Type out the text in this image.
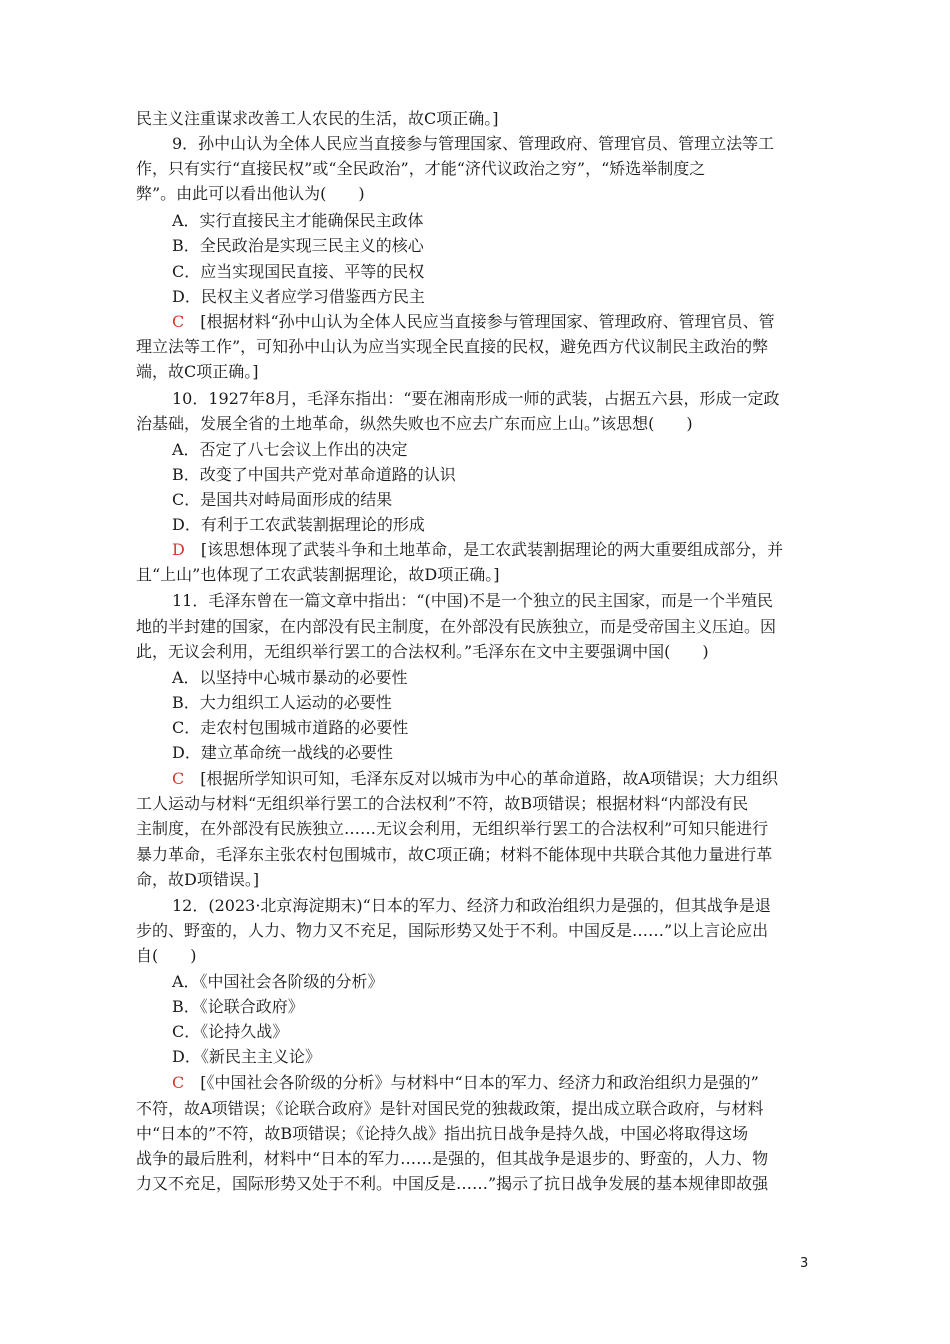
民主义注重谋求改善工人农民的生活，故C项正确。]
9．孙中山认为全体人民应当直接参与管理国家、管理政府、管理官员、管理立法等工
作，只有实行“直接民权”或“全民政治”，才能“济代议政治之穷”，“矫选举制度之
弊”。由此可以看出他认为(　　)
A．实行直接民主才能确保民主政体
B．全民政治是实现三民主义的核心
C．应当实现国民直接、平等的民权
D．民权主义者应学习借鉴西方民主
C　[根据材料“孙中山认为全体人民应当直接参与管理国家、管理政府、管理官员、管
理立法等工作”，可知孙中山认为应当实现全民直接的民权，避免西方代议制民主政治的弊
端，故C项正确。]
10．1927年8月，毛泽东指出：“要在湘南形成一师的武装，占据五六县，形成一定政
治基础，发展全省的土地革命，纵然失败也不应去广东而应上山。”该思想(　　)
A．否定了八七会议上作出的决定
B．改变了中国共产党对革命道路的认识
C．是国共对峙局面形成的结果
D．有利于工农武装割据理论的形成
D　[该思想体现了武装斗争和土地革命，是工农武装割据理论的两大重要组成部分，并
且“上山”也体现了工农武装割据理论，故D项正确。]
11．毛泽东曾在一篇文章中指出：“(中国)不是一个独立的民主国家，而是一个半殖民
地的半封建的国家，在内部没有民主制度，在外部没有民族独立，而是受帝国主义压迫。因
此，无议会利用，无组织举行罢工的合法权利。”毛泽东在文中主要强调中国(　　)
A．以坚持中心城市暴动的必要性
B．大力组织工人运动的必要性
C．走农村包围城市道路的必要性
D．建立革命统一战线的必要性
C　[根据所学知识可知，毛泽东反对以城市为中心的革命道路，故A项错误；大力组织
工人运动与材料“无组织举行罢工的合法权利”不符，故B项错误；根据材料“内部没有民
主制度，在外部没有民族独立……无议会利用，无组织举行罢工的合法权利”可知只能进行
暴力革命，毛泽东主张农村包围城市，故C项正确；材料不能体现中共联合其他力量进行革
命，故D项错误。]
12．(2023·北京海淀期末)“日本的军力、经济力和政治组织力是强的，但其战争是退
步的、野蛮的，人力、物力又不充足，国际形势又处于不利。中国反是……”以上言论应出
自(　　)
A．《中国社会各阶级的分析》
B．《论联合政府》
C．《论持久战》
D．《新民主主义论》
C　[《中国社会各阶级的分析》与材料中“日本的军力、经济力和政治组织力是强的”
不符，故A项错误；《论联合政府》是针对国民党的独裁政策，提出成立联合政府，与材料
中“日本的”不符，故B项错误；《论持久战》指出抗日战争是持久战，中国必将取得这场
战争的最后胜利，材料中“日本的军力……是强的，但其战争是退步的、野蛮的，人力、物
力又不充足，国际形势又处于不利。中国反是……”揭示了抗日战争发展的基本规律即故强
3
